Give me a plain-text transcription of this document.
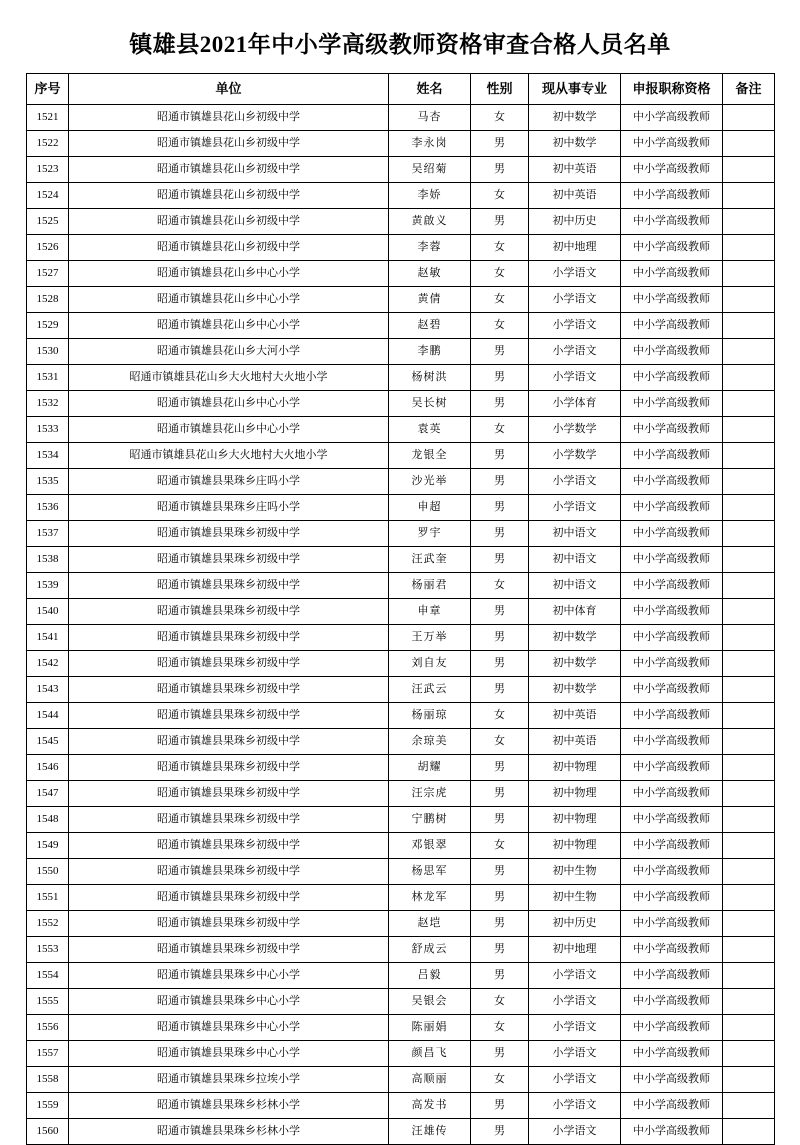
镇雄县2021年中小学高级教师资格审查合格人员名单
序号	单位	姓名	性别	现从事专业	申报职称资格	备注
1521	昭通市镇雄县花山乡初级中学	马杏	女	初中数学	中小学高级教师	
1522	昭通市镇雄县花山乡初级中学	李永岗	男	初中数学	中小学高级教师	
1523	昭通市镇雄县花山乡初级中学	吴绍菊	男	初中英语	中小学高级教师	
1524	昭通市镇雄县花山乡初级中学	李娇	女	初中英语	中小学高级教师	
1525	昭通市镇雄县花山乡初级中学	黄啟义	男	初中历史	中小学高级教师	
1526	昭通市镇雄县花山乡初级中学	李蓉	女	初中地理	中小学高级教师	
1527	昭通市镇雄县花山乡中心小学	赵敏	女	小学语文	中小学高级教师	
1528	昭通市镇雄县花山乡中心小学	黄倩	女	小学语文	中小学高级教师	
1529	昭通市镇雄县花山乡中心小学	赵碧	女	小学语文	中小学高级教师	
1530	昭通市镇雄县花山乡大河小学	李鹏	男	小学语文	中小学高级教师	
1531	昭通市镇雄县花山乡大火地村大火地小学	杨树洪	男	小学语文	中小学高级教师	
1532	昭通市镇雄县花山乡中心小学	吴长树	男	小学体育	中小学高级教师	
1533	昭通市镇雄县花山乡中心小学	袁英	女	小学数学	中小学高级教师	
1534	昭通市镇雄县花山乡大火地村大火地小学	龙银全	男	小学数学	中小学高级教师	
1535	昭通市镇雄县果珠乡庄吗小学	沙光举	男	小学语文	中小学高级教师	
1536	昭通市镇雄县果珠乡庄吗小学	申超	男	小学语文	中小学高级教师	
1537	昭通市镇雄县果珠乡初级中学	罗宇	男	初中语文	中小学高级教师	
1538	昭通市镇雄县果珠乡初级中学	汪武奎	男	初中语文	中小学高级教师	
1539	昭通市镇雄县果珠乡初级中学	杨丽君	女	初中语文	中小学高级教师	
1540	昭通市镇雄县果珠乡初级中学	申章	男	初中体育	中小学高级教师	
1541	昭通市镇雄县果珠乡初级中学	王万举	男	初中数学	中小学高级教师	
1542	昭通市镇雄县果珠乡初级中学	刘自友	男	初中数学	中小学高级教师	
1543	昭通市镇雄县果珠乡初级中学	汪武云	男	初中数学	中小学高级教师	
1544	昭通市镇雄县果珠乡初级中学	杨丽琼	女	初中英语	中小学高级教师	
1545	昭通市镇雄县果珠乡初级中学	余琼美	女	初中英语	中小学高级教师	
1546	昭通市镇雄县果珠乡初级中学	胡耀	男	初中物理	中小学高级教师	
1547	昭通市镇雄县果珠乡初级中学	汪宗虎	男	初中物理	中小学高级教师	
1548	昭通市镇雄县果珠乡初级中学	宁鹏树	男	初中物理	中小学高级教师	
1549	昭通市镇雄县果珠乡初级中学	邓银翠	女	初中物理	中小学高级教师	
1550	昭通市镇雄县果珠乡初级中学	杨思军	男	初中生物	中小学高级教师	
1551	昭通市镇雄县果珠乡初级中学	林龙军	男	初中生物	中小学高级教师	
1552	昭通市镇雄县果珠乡初级中学	赵垲	男	初中历史	中小学高级教师	
1553	昭通市镇雄县果珠乡初级中学	舒成云	男	初中地理	中小学高级教师	
1554	昭通市镇雄县果珠乡中心小学	吕毅	男	小学语文	中小学高级教师	
1555	昭通市镇雄县果珠乡中心小学	吴银会	女	小学语文	中小学高级教师	
1556	昭通市镇雄县果珠乡中心小学	陈丽娟	女	小学语文	中小学高级教师	
1557	昭通市镇雄县果珠乡中心小学	颜昌飞	男	小学语文	中小学高级教师	
1558	昭通市镇雄县果珠乡拉埃小学	高顺丽	女	小学语文	中小学高级教师	
1559	昭通市镇雄县果珠乡杉林小学	高发书	男	小学语文	中小学高级教师	
1560	昭通市镇雄县果珠乡杉林小学	汪雄传	男	小学语文	中小学高级教师	
